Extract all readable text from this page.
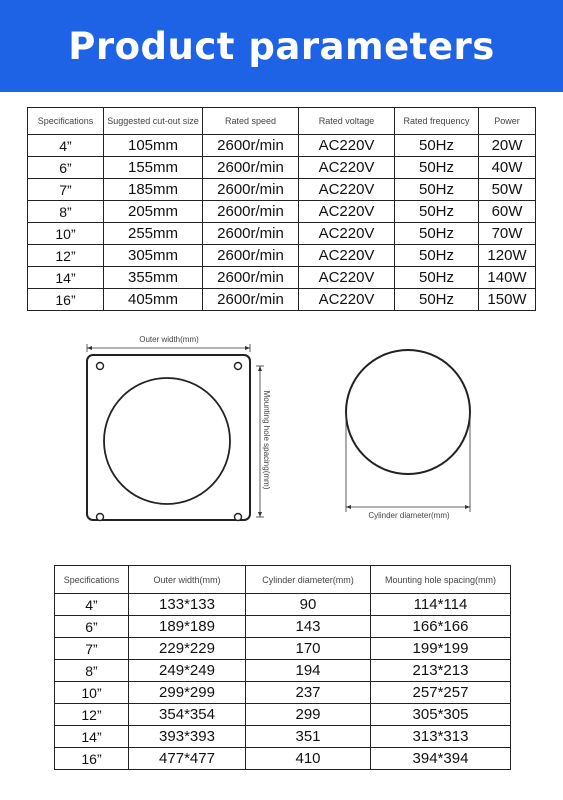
Product parameters
Specifications	Suggested cut-out size	Rated speed	Rated voltage	Rated frequency	Power
4”	105mm	2600r/min	AC220V	50Hz	20W
6”	155mm	2600r/min	AC220V	50Hz	40W
7”	185mm	2600r/min	AC220V	50Hz	50W
8”	205mm	2600r/min	AC220V	50Hz	60W
10”	255mm	2600r/min	AC220V	50Hz	70W
12”	305mm	2600r/min	AC220V	50Hz	120W
14”	355mm	2600r/min	AC220V	50Hz	140W
16”	405mm	2600r/min	AC220V	50Hz	150W
Outer width(mm)
Mounting hole spacing(mm)
Cylinder diameter(mm)
Specifications	Outer width(mm)	Cylinder diameter(mm)	Mounting hole spacing(mm)
4”	133*133	90	114*114
6”	189*189	143	166*166
7”	229*229	170	199*199
8”	249*249	194	213*213
10”	299*299	237	257*257
12”	354*354	299	305*305
14”	393*393	351	313*313
16”	477*477	410	394*394
